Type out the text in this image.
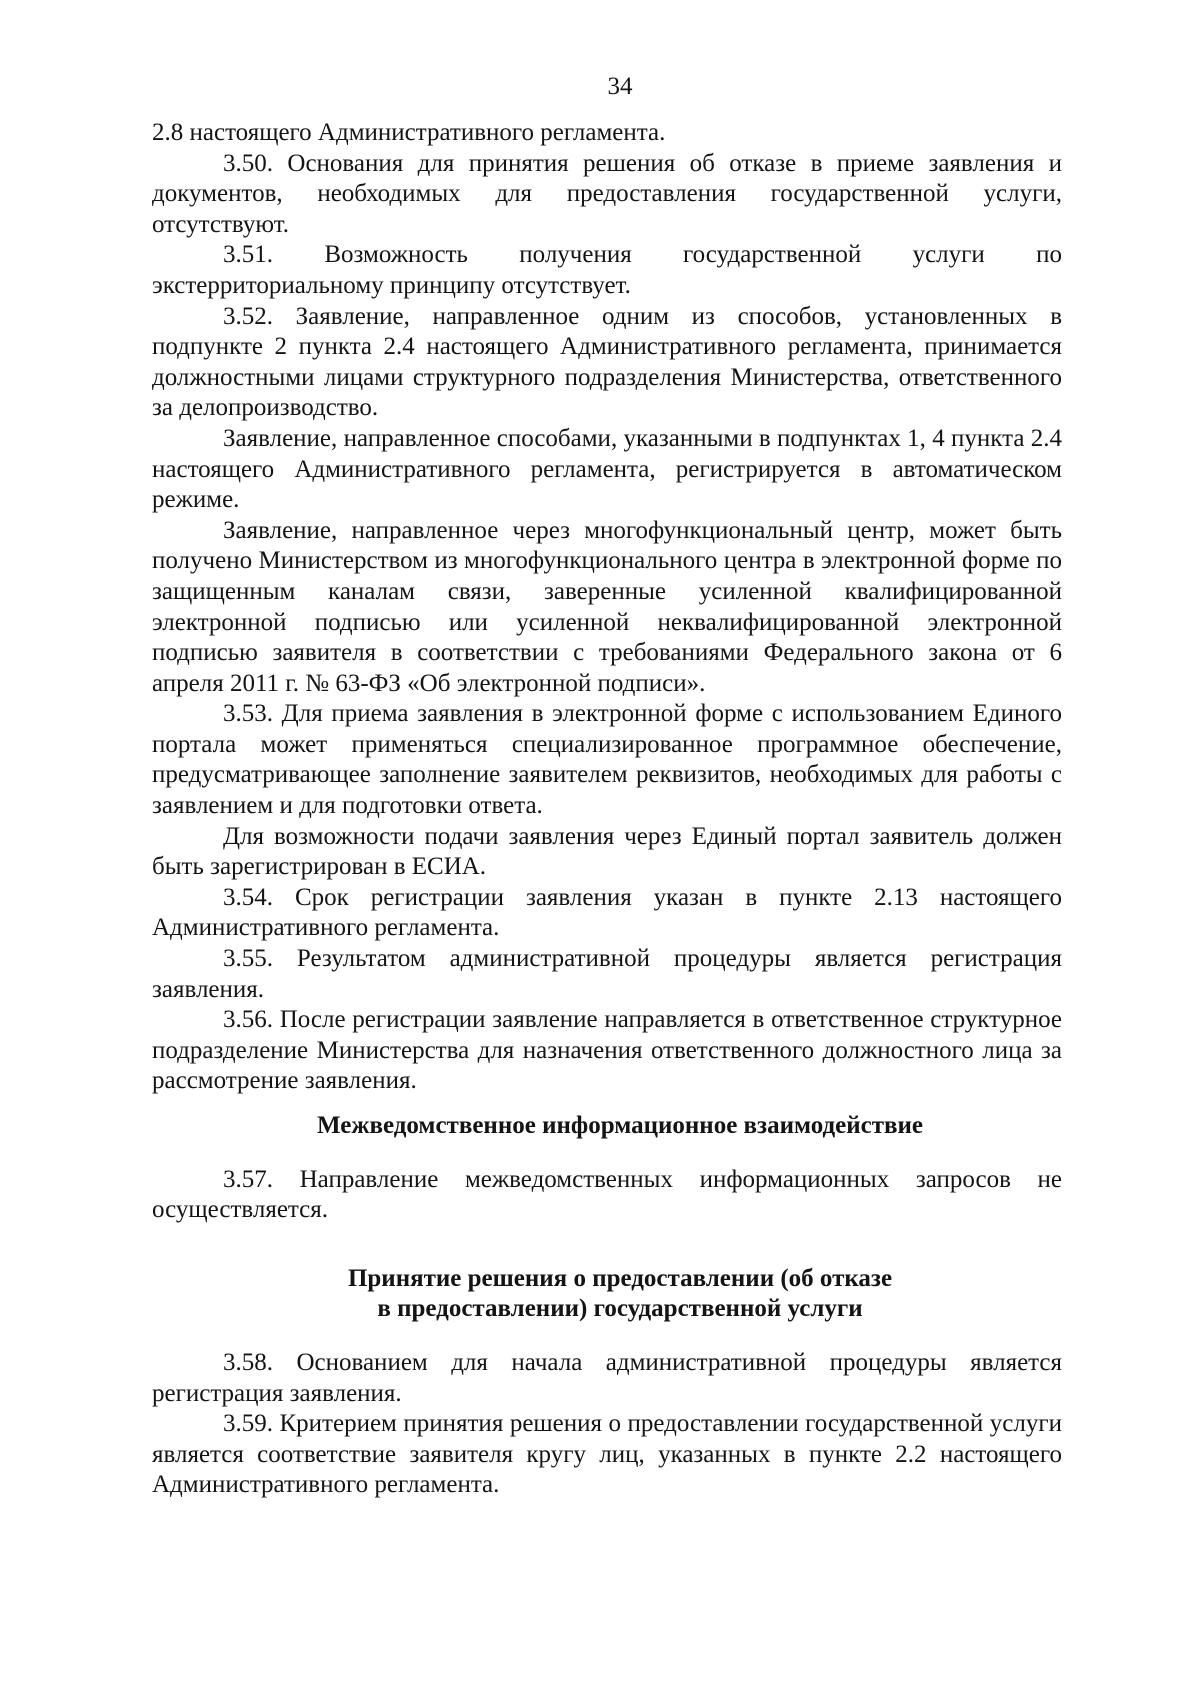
34

2.8 настоящего Административного регламента.

3.50. Основания для принятия решения об отказе в приеме заявления и документов, необходимых для предоставления государственной услуги, отсутствуют.

3.51. Возможность получения государственной услуги по экстерриториальному принципу отсутствует.

3.52. Заявление, направленное одним из способов, установленных в подпункте 2 пункта 2.4 настоящего Административного регламента, принимается должностными лицами структурного подразделения Министерства, ответственного за делопроизводство.

Заявление, направленное способами, указанными в подпунктах 1, 4 пункта 2.4 настоящего Административного регламента, регистрируется в автоматическом режиме.

Заявление, направленное через многофункциональный центр, может быть получено Министерством из многофункционального центра в электронной форме по защищенным каналам связи, заверенные усиленной квалифицированной электронной подписью или усиленной неквалифицированной электронной подписью заявителя в соответствии с требованиями Федерального закона от 6 апреля 2011 г. № 63-ФЗ «Об электронной подписи».

3.53. Для приема заявления в электронной форме с использованием Единого портала может применяться специализированное программное обеспечение, предусматривающее заполнение заявителем реквизитов, необходимых для работы с заявлением и для подготовки ответа.

Для возможности подачи заявления через Единый портал заявитель должен быть зарегистрирован в ЕСИА.

3.54. Срок регистрации заявления указан в пункте 2.13 настоящего Административного регламента.

3.55. Результатом административной процедуры является регистрация заявления.

3.56. После регистрации заявление направляется в ответственное структурное подразделение Министерства для назначения ответственного должностного лица за рассмотрение заявления.

Межведомственное информационное взаимодействие

3.57. Направление межведомственных информационных запросов не осуществляется.

Принятие решения о предоставлении (об отказе
в предоставлении) государственной услуги

3.58. Основанием для начала административной процедуры является регистрация заявления.

3.59. Критерием принятия решения о предоставлении государственной услуги является соответствие заявителя кругу лиц, указанных в пункте 2.2 настоящего Административного регламента.
